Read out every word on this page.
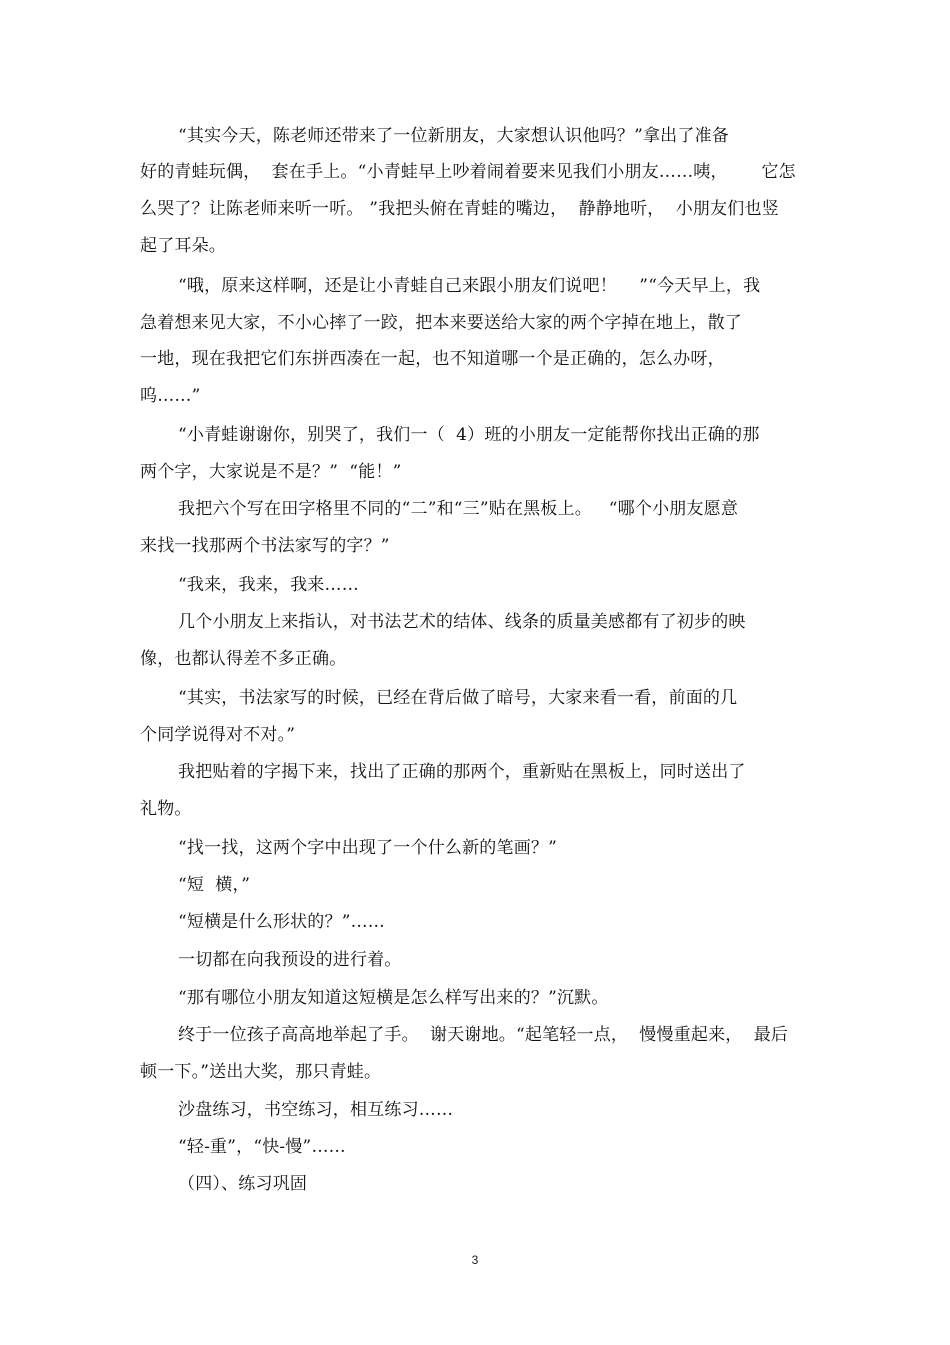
“其实今天，陈老师还带来了一位新朋友，大家想认识他吗？”拿出了准备
好的青蛙玩偶，  套在手上。“小青蛙早上吵着闹着要来见我们小朋友……咦，      它怎
么哭了？让陈老师来听一听。 ”我把头俯在青蛙的嘴边，  静静地听，  小朋友们也竖
起了耳朵。
“哦，原来这样啊，还是让小青蛙自己来跟小朋友们说吧！    ”“今天早上，我
急着想来见大家，不小心摔了一跤，把本来要送给大家的两个字掉在地上，散了
一地，现在我把它们东拼西凑在一起，也不知道哪一个是正确的，怎么办呀，
呜……”
“小青蛙谢谢你，别哭了，我们一（  4）班的小朋友一定能帮你找出正确的那
两个字，大家说是不是？”  “能！”
我把六个写在田字格里不同的“二”和“三”贴在黑板上。   “哪个小朋友愿意
来找一找那两个书法家写的字？”
“我来，我来，我来……
几个小朋友上来指认，对书法艺术的结体、线条的质量美感都有了初步的映
像，也都认得差不多正确。
“其实，书法家写的时候，已经在背后做了暗号，大家来看一看，前面的几
个同学说得对不对。”
我把贴着的字揭下来，找出了正确的那两个，重新贴在黑板上，同时送出了
礼物。
“找一找，这两个字中出现了一个什么新的笔画？”
“短  横，”
“短横是什么形状的？”……
一切都在向我预设的进行着。
“那有哪位小朋友知道这短横是怎么样写出来的？”沉默。
终于一位孩子高高地举起了手。  谢天谢地。“起笔轻一点，  慢慢重起来，  最后
顿一下。”送出大奖，那只青蛙。
沙盘练习，书空练习，相互练习……
“轻-重”，“快-慢”……
（四）、练习巩固
3
